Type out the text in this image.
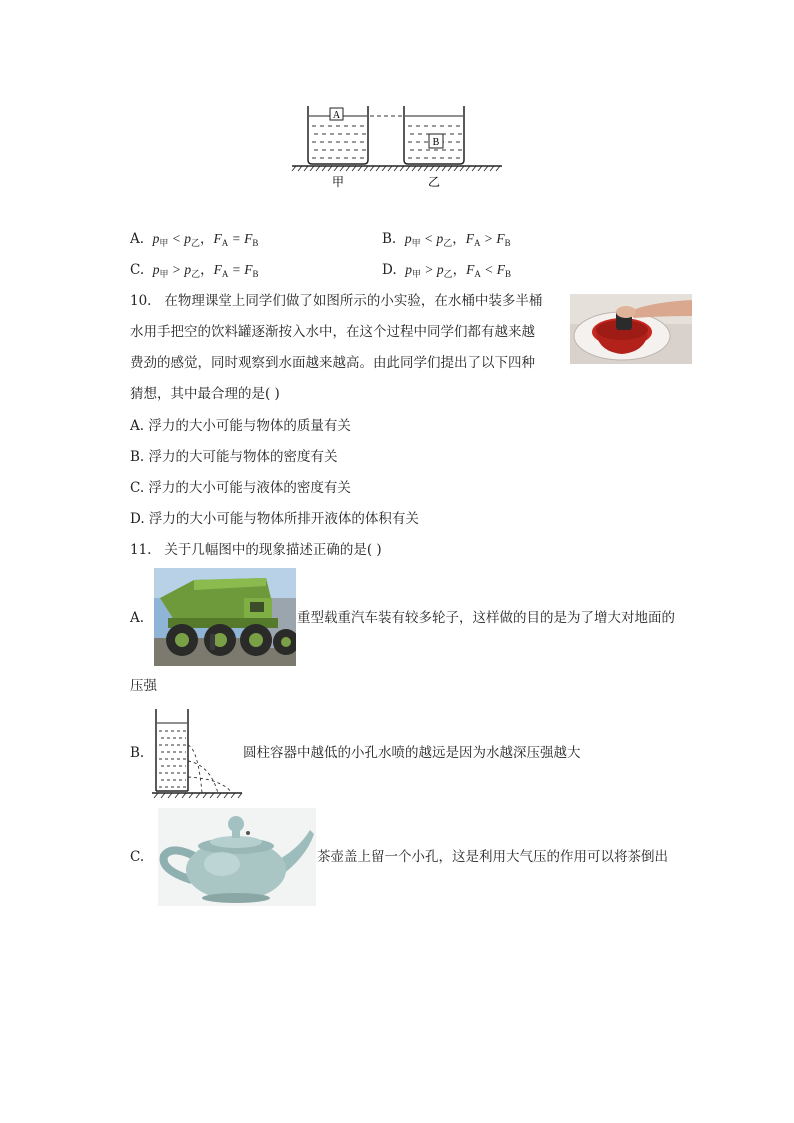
A
B
甲	乙
A. $p_甲 < p_乙$，$F_A = F_B$	B. $p_甲 < p_乙$，$F_A > F_B$
C. $p_甲 > p_乙$，$F_A = F_B$	D. $p_甲 > p_乙$，$F_A < F_B$
10. 在物理课堂上同学们做了如图所示的小实验，在水桶中装多半桶
水用手把空的饮料罐逐渐按入水中，在这个过程中同学们都有越来越
费劲的感觉，同时观察到水面越来越高。由此同学们提出了以下四种
猜想，其中最合理的是( )
A. 浮力的大小可能与物体的质量有关
B. 浮力的大可能与物体的密度有关
C. 浮力的大小可能与液体的密度有关
D. 浮力的大小可能与物体所排开液体的体积有关
11. 关于几幅图中的现象描述正确的是( )
A.	重型载重汽车装有较多轮子，这样做的目的是为了增大对地面的
压强
B.	圆柱容器中越低的小孔水喷的越远是因为水越深压强越大
C.	茶壶盖上留一个小孔，这是利用大气压的作用可以将茶倒出
